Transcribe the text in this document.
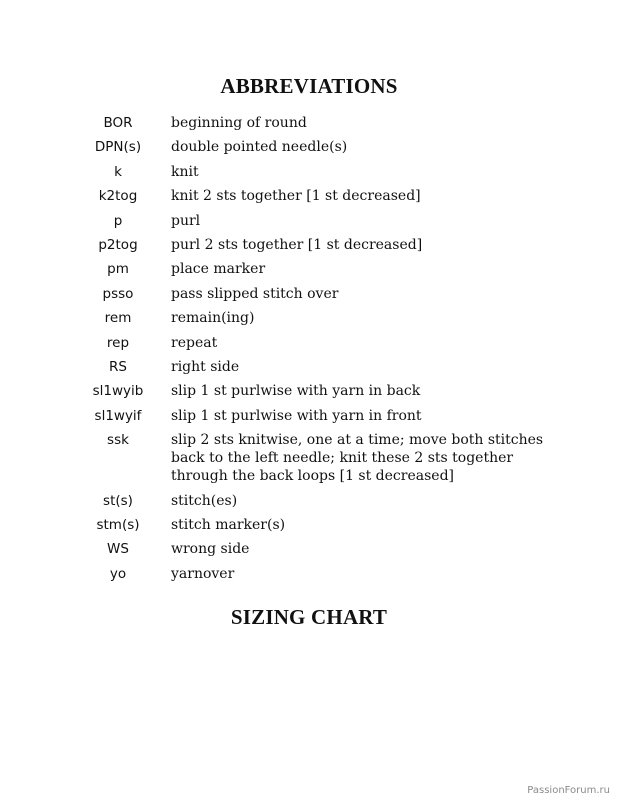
ABBREVIATIONS
BOR	beginning of round
DPN(s)	double pointed needle(s)
k	knit
k2tog	knit 2 sts together [1 st decreased]
p	purl
p2tog	purl 2 sts together [1 st decreased]
pm	place marker
psso	pass slipped stitch over
rem	remain(ing)
rep	repeat
RS	right side
sl1wyib	slip 1 st purlwise with yarn in back
sl1wyif	slip 1 st purlwise with yarn in front
ssk	slip 2 sts knitwise, one at a time; move both stitches
back to the left needle; knit these 2 sts together
through the back loops [1 st decreased]
st(s)	stitch(es)
stm(s)	stitch marker(s)
WS	wrong side
yo	yarnover
SIZING CHART
PassionForum.ru
